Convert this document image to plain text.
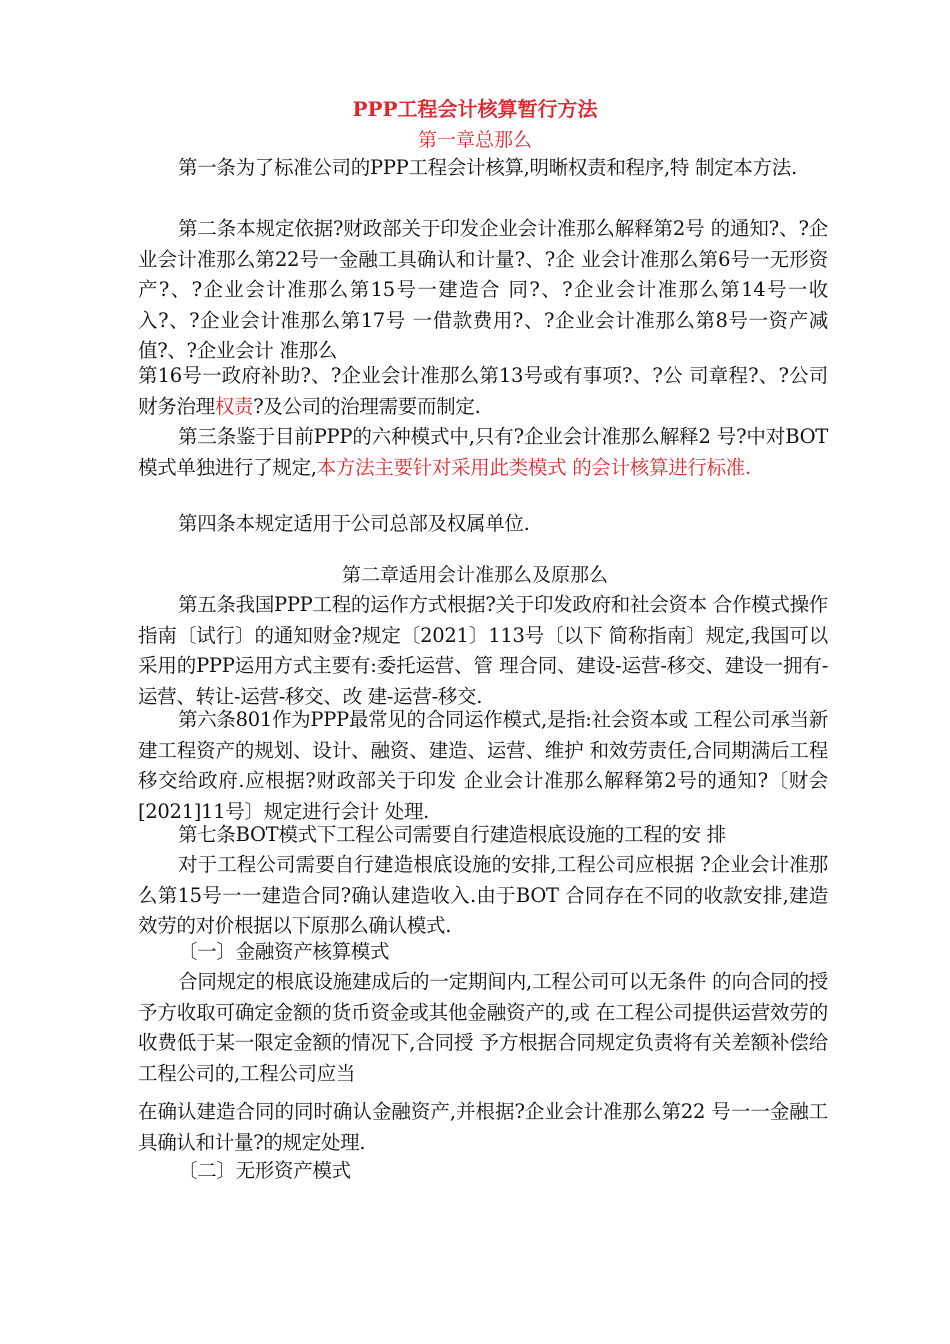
PPP工程会计核算暂行方法
第一章总那么
第一条为了标准公司的PPP工程会计核算,明晰权责和程序,特 制定本方法.
第二条本规定依据?财政部关于印发企业会计准那么解释第2号 的通知?、?企业会计准那么第22号一金融工具确认和计量?、?企 业会计准那么第6号一无形资产?、?企业会计准那么第15号一建造合 同?、?企业会计准那么第14号一收入?、?企业会计准那么第17号 一借款费用?、?企业会计准那么第8号一资产减值?、?企业会计 准那么
第16号一政府补助?、?企业会计准那么第13号或有事项?、?公 司章程?、?公司财务治理权责?及公司的治理需要而制定.
第三条鉴于目前PPP的六种模式中,只有?企业会计准那么解释2 号?中对BOT模式单独进行了规定,本方法主要针对采用此类模式 的会计核算进行标准.
第四条本规定适用于公司总部及权属单位.
第二章适用会计准那么及原那么
第五条我国PPP工程的运作方式根据?关于印发政府和社会资本 合作模式操作指南〔试行〕的通知财金?规定〔2021〕113号〔以下 简称指南〕规定,我国可以采用的PPP运用方式主要有:委托运营、管 理合同、建设-运营-移交、建设一拥有-运营、转让-运营-移交、改 建-运营-移交.
第六条801作为PPP最常见的合同运作模式,是指:社会资本或 工程公司承当新建工程资产的规划、设计、融资、建造、运营、维护 和效劳责任,合同期满后工程移交给政府.应根据?财政部关于印发 企业会计准那么解释第2号的通知?〔财会[2021]11号〕规定进行会计 处理.
第七条BOT模式下工程公司需要自行建造根底设施的工程的安 排
对于工程公司需要自行建造根底设施的安排,工程公司应根据 ?企业会计准那么第15号一一建造合同?确认建造收入.由于BOT 合同存在不同的收款安排,建造效劳的对价根据以下原那么确认模式.
〔一〕金融资产核算模式
合同规定的根底设施建成后的一定期间内,工程公司可以无条件 的向合同的授予方收取可确定金额的货币资金或其他金融资产的,或 在工程公司提供运营效劳的收费低于某一限定金额的情况下,合同授 予方根据合同规定负责将有关差额补偿给工程公司的,工程公司应当
在确认建造合同的同时确认金融资产,并根据?企业会计准那么第22 号一一金融工具确认和计量?的规定处理.
〔二〕无形资产模式
